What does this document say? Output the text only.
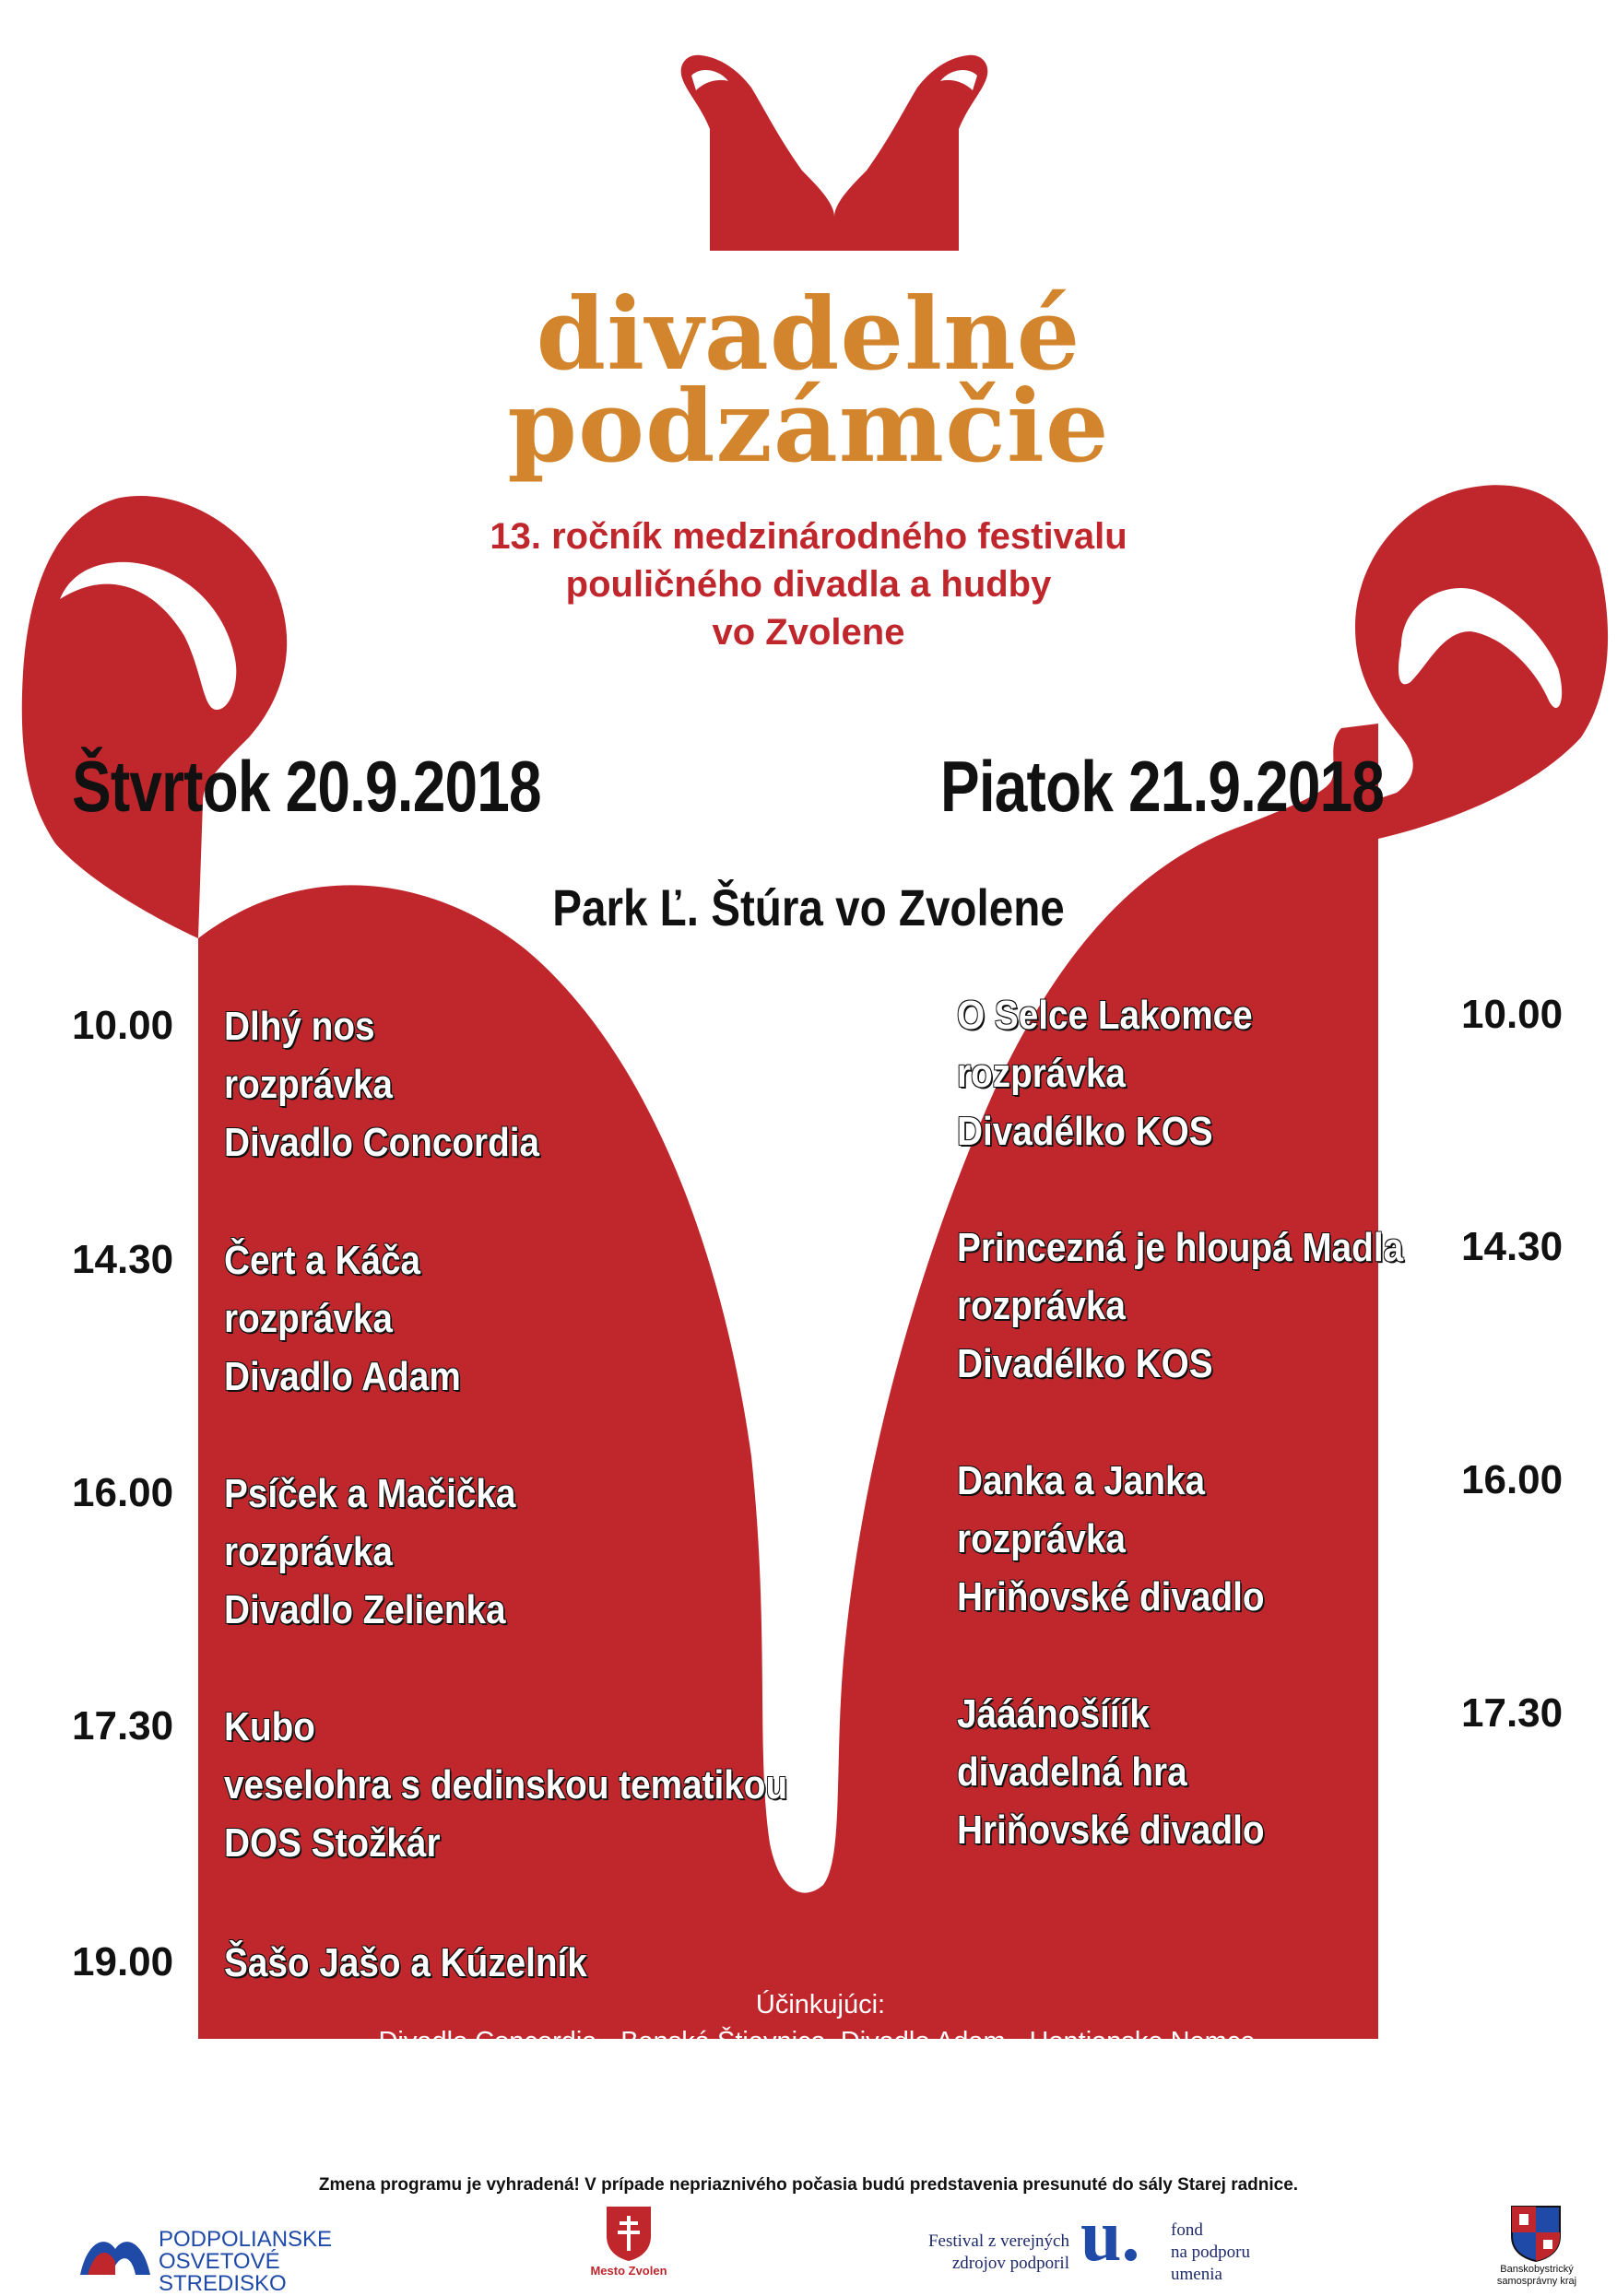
divadelné
podzámčie
13. ročník medzinárodného festivalu
pouličného divadla a hudby
vo Zvolene
Štvrtok 20.9.2018	Piatok 21.9.2018
Park Ľ. Štúra vo Zvolene
10.00 Dlhý nos
rozprávka
Divadlo Concordia
14.30 Čert a Káča
rozprávka
Divadlo Adam
16.00 Psíček a Mačička
rozprávka
Divadlo Zelienka
17.30 Kubo
veselohra s dedinskou tematikou
DOS Stožkár
19.00 Šašo Jašo a Kúzelník
O Selce Lakomce
rozprávka
Divadélko KOS
10.00
Princezná je hloupá Madla
rozprávka
Divadélko KOS
14.30
Danka a Janka
rozprávka
Hriňovské divadlo
16.00
Jááánošííík
divadelná hra
Hriňovské divadlo
17.30
Účinkujúci:
Divadlo Concordia - Banská Štiavnica, Divadlo Adam - Hontianske Nemce,
Divadlo Zelienka - Zvolen, DOS Stožkár - Stožok, Šašo Jašo a Kúzelník - Veľký Krtíš,
Divadélko KOS - České Budejovice, Hriňovské divadlo - Hriňová
Zmena programu je vyhradená! V prípade nepriaznivého počasia budú predstavenia presunuté do sály Starej radnice.
PODPOLIANSKE
OSVETOVÉ
STREDISKO
Mesto Zvolen
Festival z verejných
zdrojov podporil u. fond
na podporu
umenia	Banskobystrický
samosprávny kraj
